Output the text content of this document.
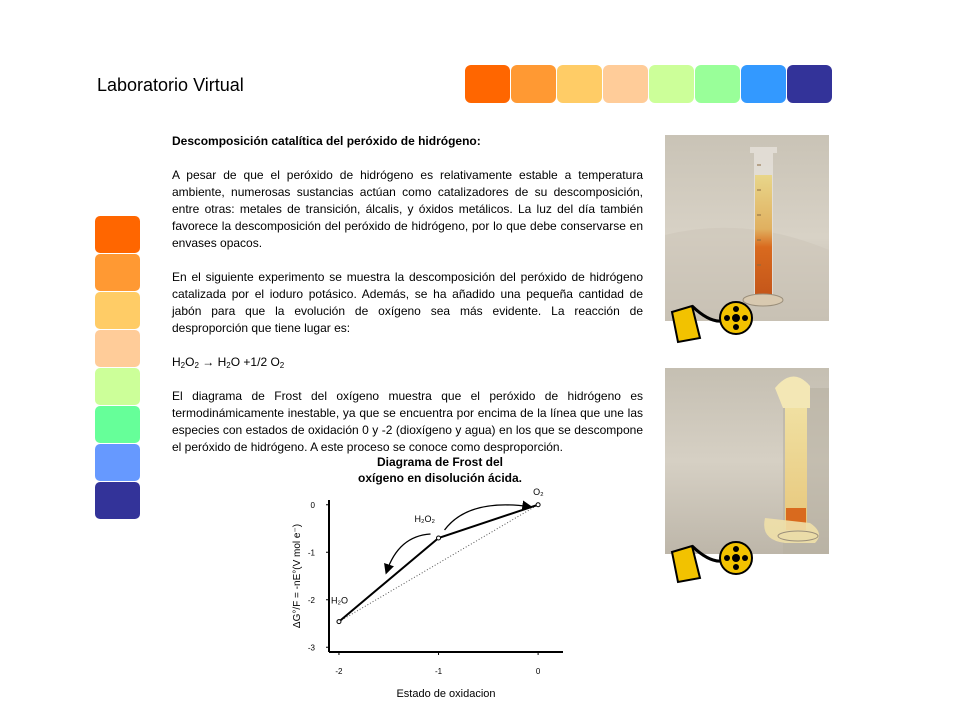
Laboratorio Virtual

Descomposición catalítica del peróxido de hidrógeno:

A pesar de que el peróxido de hidrógeno es relativamente estable a temperatura ambiente, numerosas sustancias actúan como catalizadores de su descomposición, entre otras: metales de transición, álcalis, y óxidos metálicos. La luz del día también favorece la descomposición del peróxido de hidrógeno, por lo que debe conservarse en envases opacos.

En el siguiente experimento se muestra la descomposición del peróxido de hidrógeno catalizada por el ioduro potásico. Además, se ha añadido una pequeña cantidad de jabón para que la evolución de oxígeno sea más evidente. La reacción de desproporción que tiene lugar es:

$H_2O_2 \to H_2O +1/2$ $O_2$

El diagrama de Frost del oxígeno muestra que el peróxido de hidrógeno es termodinámicamente inestable, ya que se encuentra por encima de la línea que une las especies con estados de oxidación 0 y -2 (dioxígeno y agua) en los que se descompone el peróxido de hidrógeno. A este proceso se conoce como desproporción.

Diagrama de Frost del
oxígeno en disolución ácida.
0
-1
-2
-3
-2	-1	0
H₂O
H₂O₂
O₂
ΔG°/F = -nE°(V mol e⁻)
Estado de oxidacion
